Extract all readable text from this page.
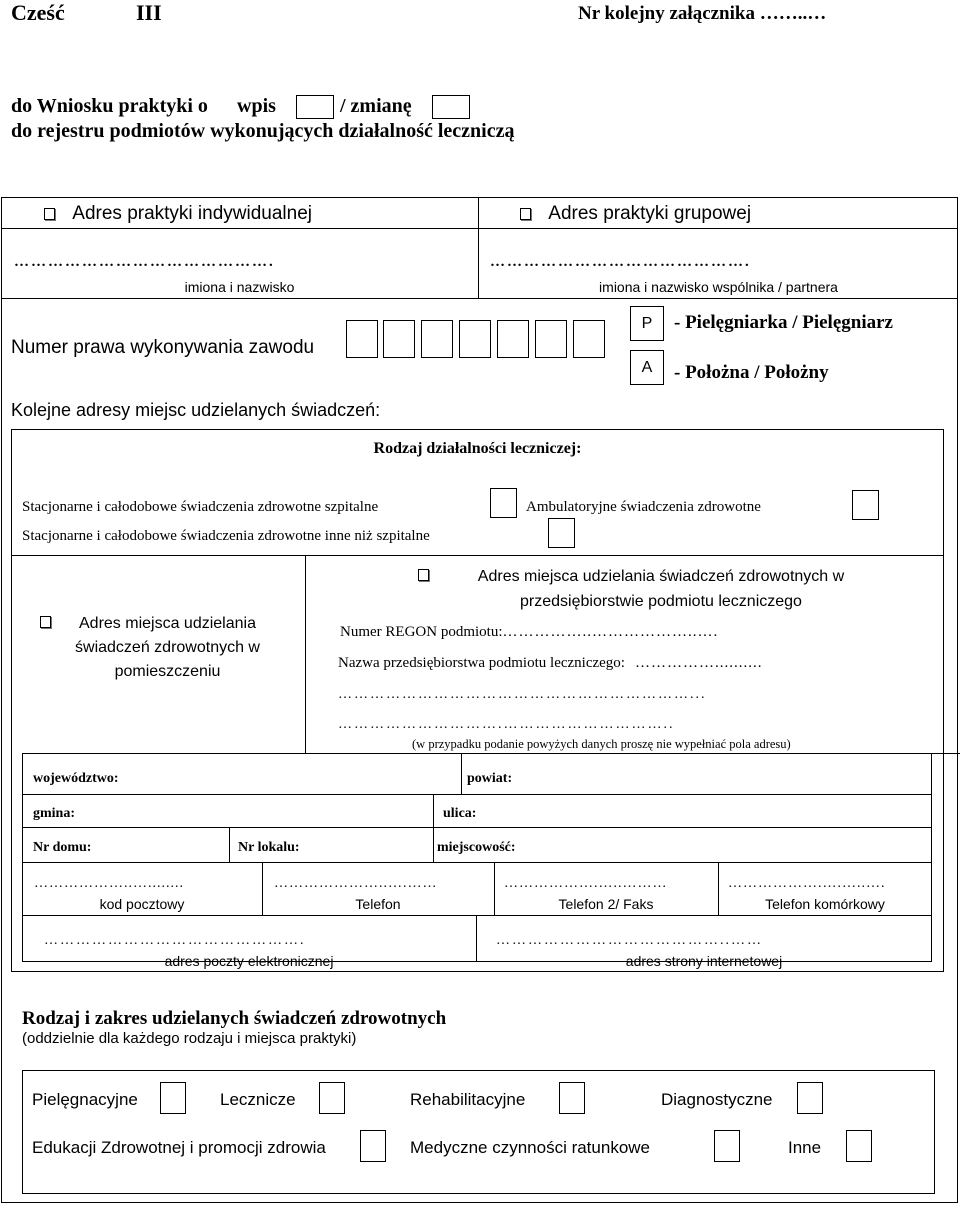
Cześć	III	Nr kolejny załącznika ……..…
do Wniosku praktyki o wpis	/ zmianę
do rejestru podmiotów wykonujących działalność leczniczą
Adres praktyki indywidualnej	Adres praktyki grupowej
……………………………………….
imiona i nazwisko
……………………………………….
imiona i nazwisko wspólnika / partnera
Numer prawa wykonywania zawodu
P	- Pielęgniarka / Pielęgniarz
A	- Położna / Położny
Kolejne adresy miejsc udzielanych świadczeń:
Rodzaj działalności leczniczej:
Stacjonarne i całodobowe świadczenia zdrowotne szpitalne	Ambulatoryjne świadczenia zdrowotne
Stacjonarne i całodobowe świadczenia zdrowotne inne niż szpitalne
Adres miejsca udzielania świadczeń zdrowotnych w pomieszczeniu
Adres miejsca udzielania świadczeń zdrowotnych w przedsiębiorstwie podmiotu leczniczego
Numer REGON podmiotu:……………..………………..….
Nazwa przedsiębiorstwa podmiotu leczniczego: ……………..........
…………………………………………………………...
………………………….…………………………..
(w przypadku podanie powyżych danych proszę nie wypełniać pola adresu)
województwo:	powiat:
gmina:	ulica:
Nr domu:	Nr lokalu:	miejscowość:
………………..…........
kod pocztowy
…………………..….……
Telefon
……………….…..………
Telefon 2/ Faks
……………….….…..….
Telefon komórkowy
………………………………………….
adres poczty elektronicznej
……………………………………..……
adres strony internetowej
Rodzaj i zakres udzielanych świadczeń zdrowotnych
(oddzielnie dla każdego rodzaju i miejsca praktyki)
Pielęgnacyjne	Lecznicze	Rehabilitacyjne	Diagnostyczne
Edukacji Zdrowotnej i promocji zdrowia	Medyczne czynności ratunkowe	Inne
